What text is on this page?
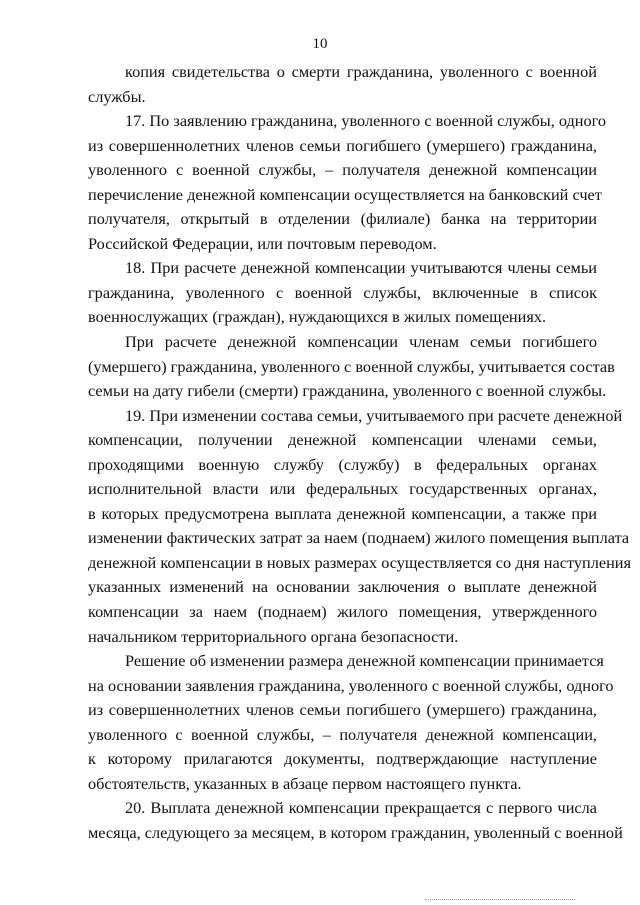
10
копия свидетельства о смерти гражданина, уволенного с военной
службы.
17. По заявлению гражданина, уволенного с военной службы, одного
из совершеннолетних членов семьи погибшего (умершего) гражданина,
уволенного с военной службы, – получателя денежной компенсации
перечисление денежной компенсации осуществляется на банковский счет
получателя, открытый в отделении (филиале) банка на территории
Российской Федерации, или почтовым переводом.
18. При расчете денежной компенсации учитываются члены семьи
гражданина, уволенного с военной службы, включенные в список
военнослужащих (граждан), нуждающихся в жилых помещениях.
При расчете денежной компенсации членам семьи погибшего
(умершего) гражданина, уволенного с военной службы, учитывается состав
семьи на дату гибели (смерти) гражданина, уволенного с военной службы.
19. При изменении состава семьи, учитываемого при расчете денежной
компенсации, получении денежной компенсации членами семьи,
проходящими военную службу (службу) в федеральных органах
исполнительной власти или федеральных государственных органах,
в которых предусмотрена выплата денежной компенсации, а также при
изменении фактических затрат за наем (поднаем) жилого помещения выплата
денежной компенсации в новых размерах осуществляется со дня наступления
указанных изменений на основании заключения о выплате денежной
компенсации за наем (поднаем) жилого помещения, утвержденного
начальником территориального органа безопасности.
Решение об изменении размера денежной компенсации принимается
на основании заявления гражданина, уволенного с военной службы, одного
из совершеннолетних членов семьи погибшего (умершего) гражданина,
уволенного с военной службы, – получателя денежной компенсации,
к которому прилагаются документы, подтверждающие наступление
обстоятельств, указанных в абзаце первом настоящего пункта.
20. Выплата денежной компенсации прекращается с первого числа
месяца, следующего за месяцем, в котором гражданин, уволенный с военной
